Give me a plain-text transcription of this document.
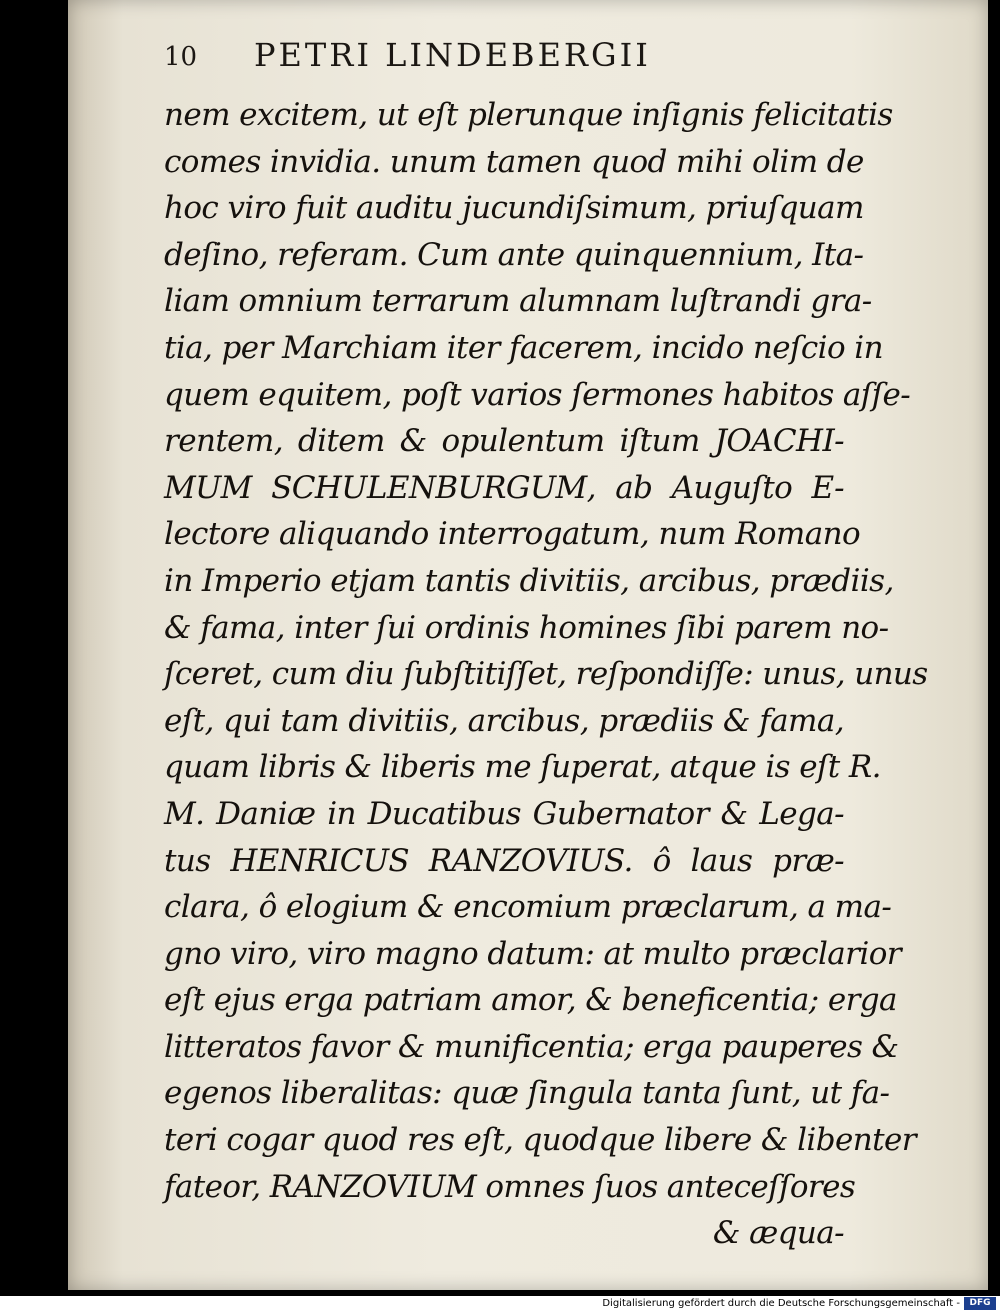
10 PETRI LINDEBERGII
nem excitem, ut eſt plerunque inſignis felicitatis
comes invidia. unum tamen quod mihi olim de
hoc viro fuit auditu jucundiſsimum, priuſquam
deſino, referam. Cum ante quinquennium, Ita-
liam omnium terrarum alumnam luſtrandi gra-
tia, per Marchiam iter facerem, incido neſcio in
quem equitem, poſt varios ſermones habitos aſſe-
rentem, ditem & opulentum iſtum JOACHI-
MUM SCHULENBURGUM, ab Auguſto E-
lectore aliquando interrogatum, num Romano
in Imperio etjam tantis divitiis, arcibus, prædiis,
& fama, inter ſui ordinis homines ſibi parem no-
ſceret, cum diu ſubſtitiſſet, reſpondiſſe: unus, unus
eſt, qui tam divitiis, arcibus, prædiis & fama,
quam libris & liberis me ſuperat, atque is eſt R.
M. Daniæ in Ducatibus Gubernator & Lega-
tus HENRICUS RANZOVIUS. ô laus præ-
clara, ô elogium & encomium præclarum, a ma-
gno viro, viro magno datum: at multo præclarior
eſt ejus erga patriam amor, & beneficentia; erga
litteratos favor & munificentia; erga pauperes &
egenos liberalitas: quæ ſingula tanta ſunt, ut fa-
teri cogar quod res eſt, quodque libere & libenter
fateor, RANZOVIUM omnes ſuos anteceſſores
& æqua-
Digitalisierung gefördert durch die Deutsche Forschungsgemeinschaft -	DFG
